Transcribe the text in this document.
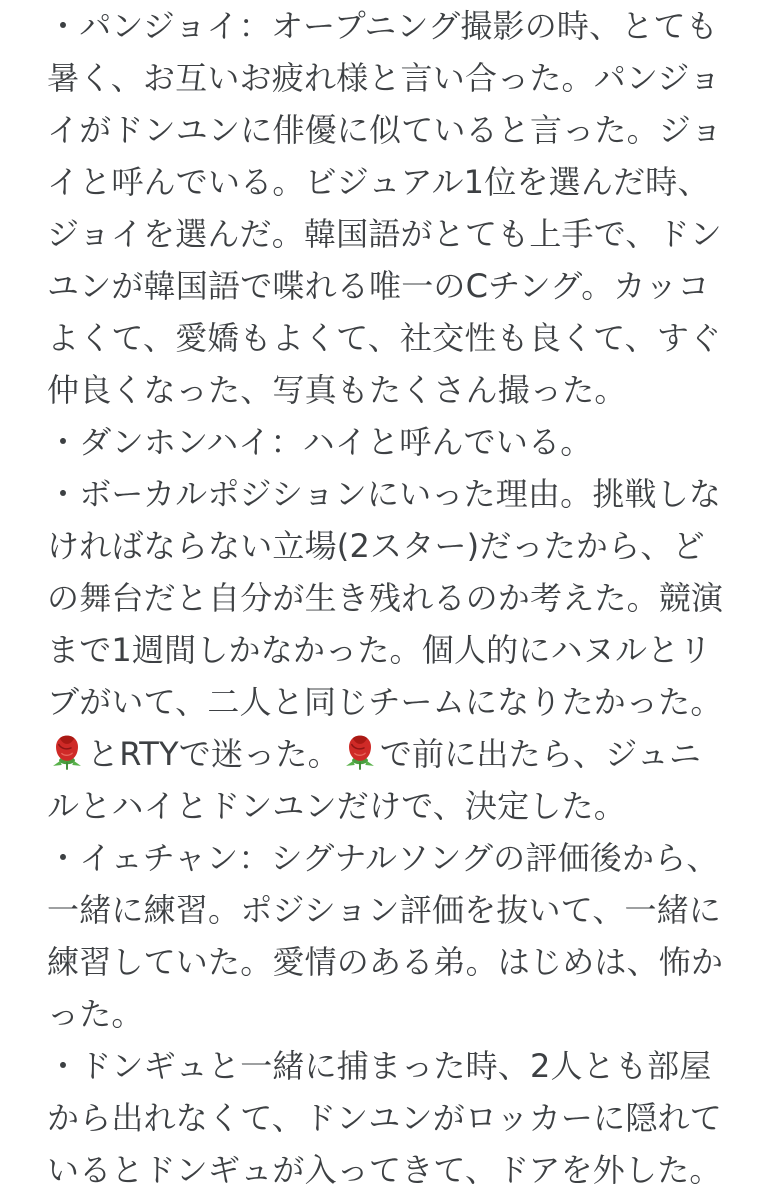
・パンジョイ：オープニング撮影の時、とても
暑く、お互いお疲れ様と言い合った。パンジョ
イがドンユンに俳優に似ていると言った。ジョ
イと呼んでいる。ビジュアル1位を選んだ時、
ジョイを選んだ。韓国語がとても上手で、ドン
ユンが韓国語で喋れる唯一のCチング。カッコ
よくて、愛嬌もよくて、社交性も良くて、すぐ
仲良くなった、写真もたくさん撮った。
・ダンホンハイ：ハイと呼んでいる。
・ボーカルポジションにいった理由。挑戦しな
ければならない立場(2スター)だったから、ど
の舞台だと自分が生き残れるのか考えた。競演
まで1週間しかなかった。個人的にハヌルとリ
ブがいて、二人と同じチームになりたかった。
とRTYで迷った。 で前に出たら、ジュニ
ルとハイとドンユンだけで、決定した。
・イェチャン：シグナルソングの評価後から、
一緒に練習。ポジション評価を抜いて、一緒に
練習していた。愛情のある弟。はじめは、怖か
った。
・ドンギュと一緒に捕まった時、2人とも部屋
から出れなくて、ドンユンがロッカーに隠れて
いるとドンギュが入ってきて、ドアを外した。
